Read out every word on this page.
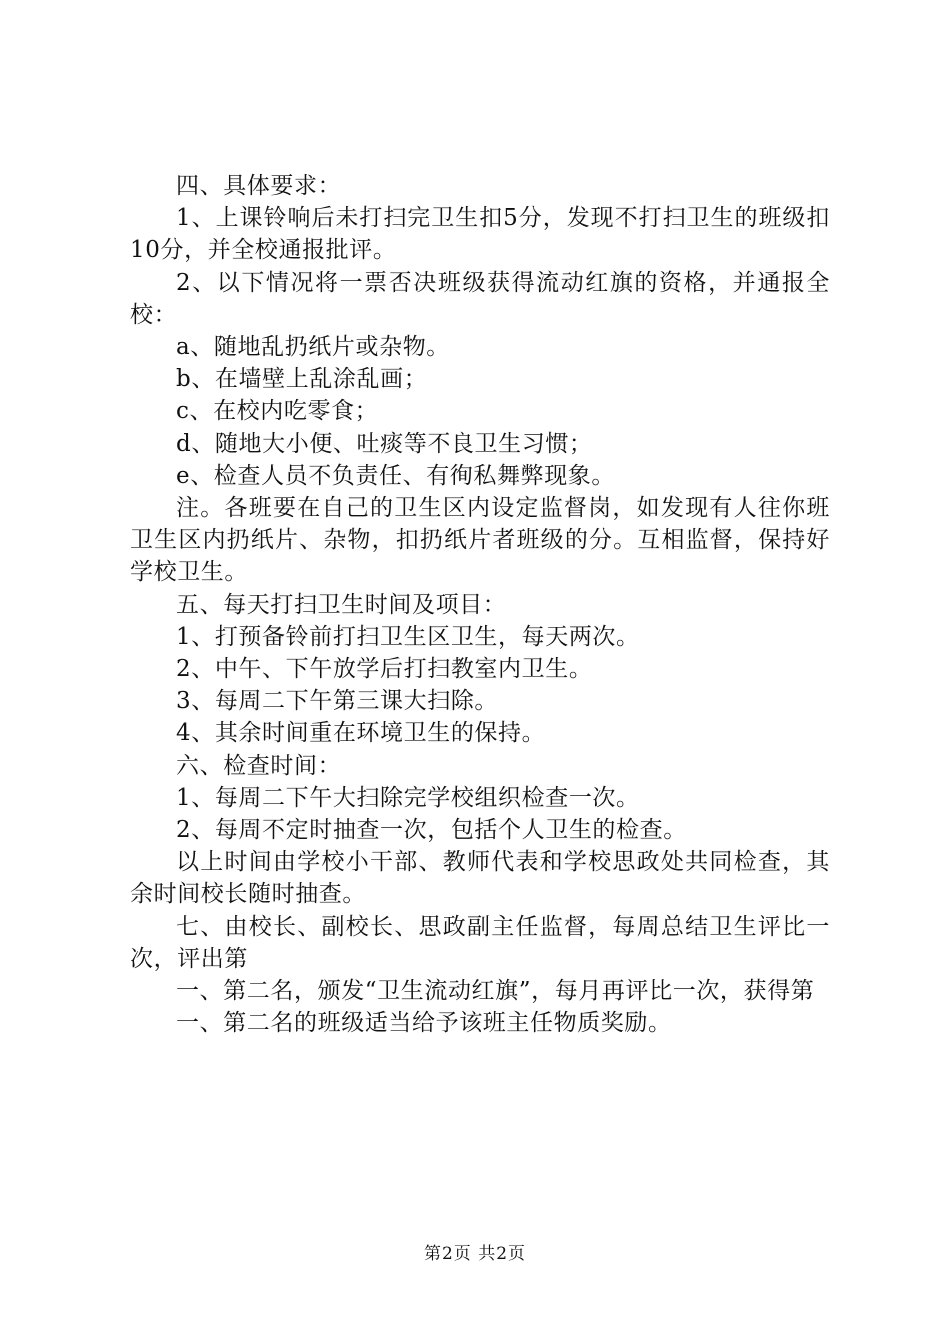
四、具体要求：

1、上课铃响后未打扫完卫生扣5分，发现不打扫卫生的班级扣10分，并全校通报批评。

2、以下情况将一票否决班级获得流动红旗的资格，并通报全校：

a、随地乱扔纸片或杂物。

b、在墙壁上乱涂乱画；

c、在校内吃零食；

d、随地大小便、吐痰等不良卫生习惯；

e、检查人员不负责任、有徇私舞弊现象。

注。各班要在自己的卫生区内设定监督岗，如发现有人往你班卫生区内扔纸片、杂物，扣扔纸片者班级的分。互相监督，保持好学校卫生。

五、每天打扫卫生时间及项目：

1、打预备铃前打扫卫生区卫生，每天两次。

2、中午、下午放学后打扫教室内卫生。

3、每周二下午第三课大扫除。

4、其余时间重在环境卫生的保持。

六、检查时间：

1、每周二下午大扫除完学校组织检查一次。

2、每周不定时抽查一次，包括个人卫生的检查。

以上时间由学校小干部、教师代表和学校思政处共同检查，其余时间校长随时抽查。

七、由校长、副校长、思政副主任监督，每周总结卫生评比一次，评出第

一、第二名，颁发“卫生流动红旗”，每月再评比一次，获得第

一、第二名的班级适当给予该班主任物质奖励。

第2页 共2页
